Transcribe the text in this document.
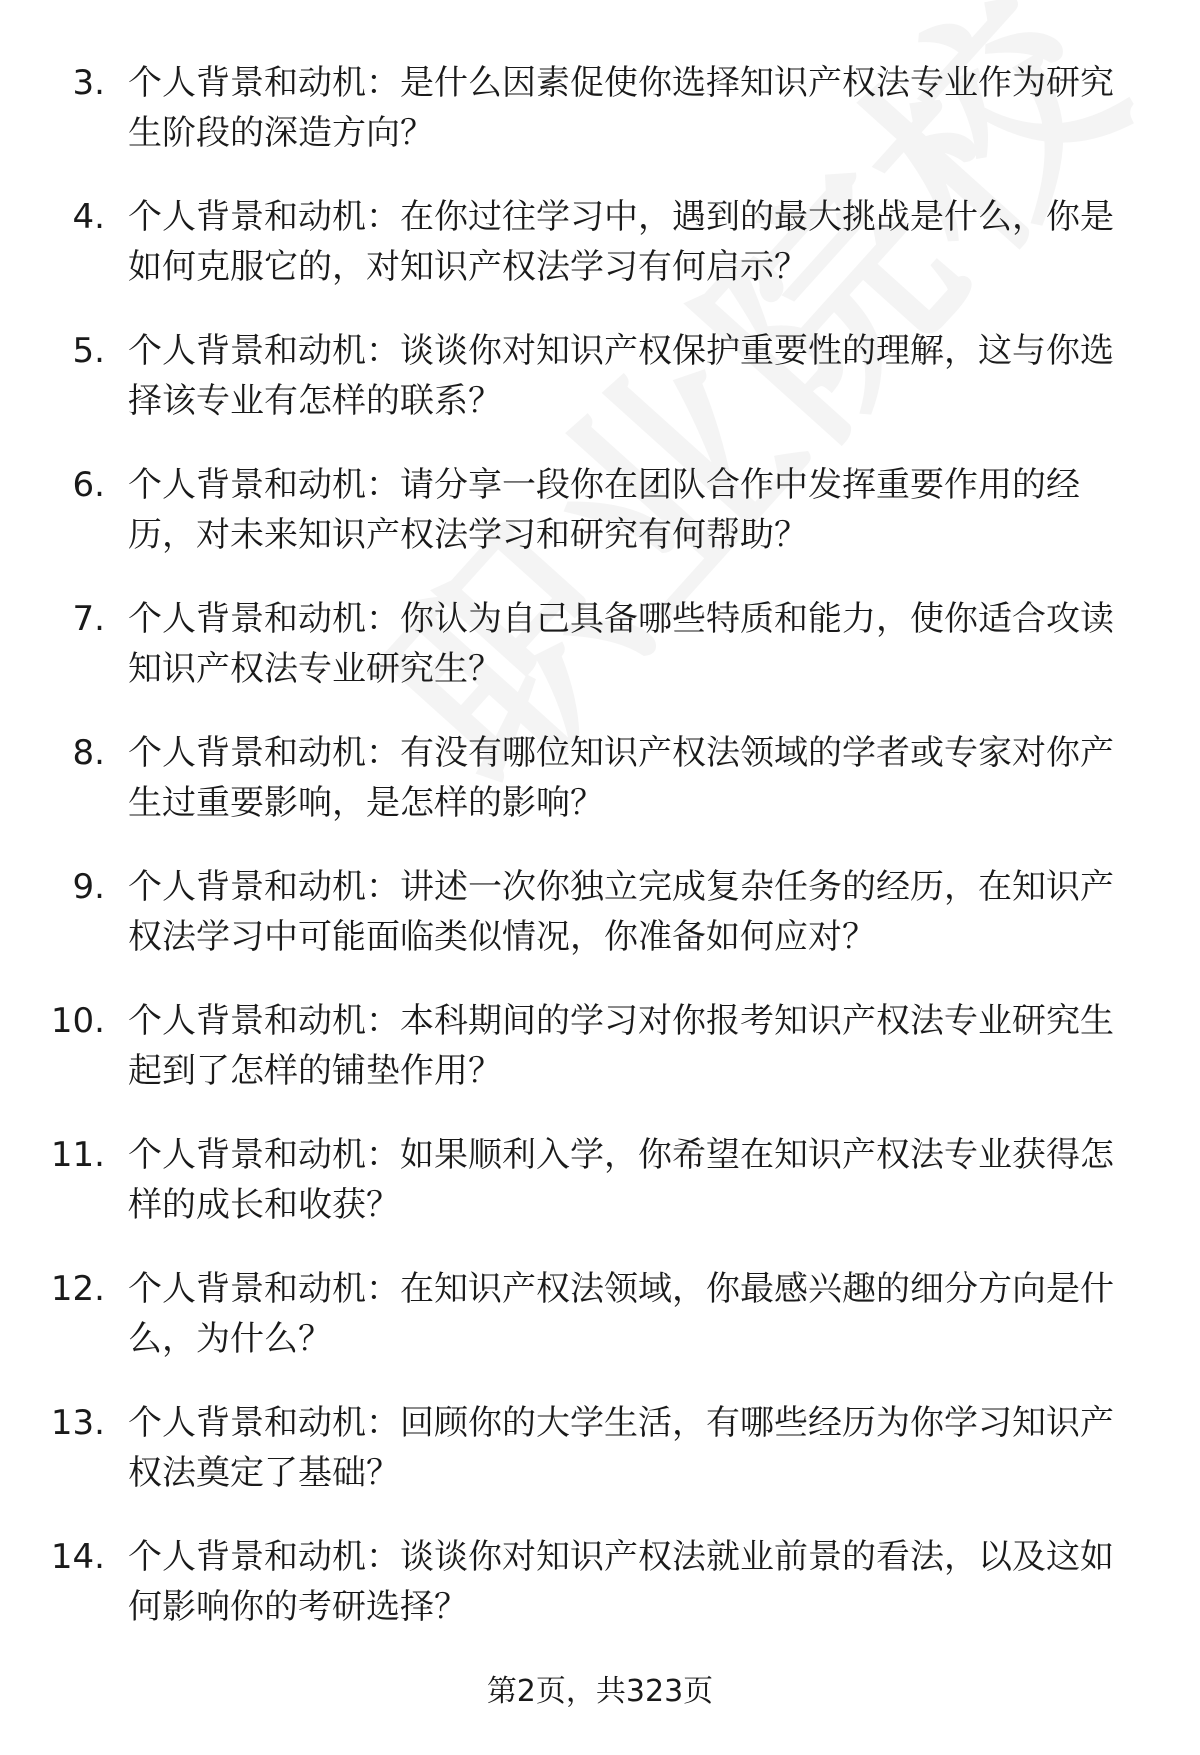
3. 个人背景和动机：是什么因素促使你选择知识产权法专业作为研究生阶段的深造方向？
4. 个人背景和动机：在你过往学习中，遇到的最大挑战是什么，你是如何克服它的，对知识产权法学习有何启示？
5. 个人背景和动机：谈谈你对知识产权保护重要性的理解，这与你选择该专业有怎样的联系？
6. 个人背景和动机：请分享一段你在团队合作中发挥重要作用的经历，对未来知识产权法学习和研究有何帮助？
7. 个人背景和动机：你认为自己具备哪些特质和能力，使你适合攻读知识产权法专业研究生？
8. 个人背景和动机：有没有哪位知识产权法领域的学者或专家对你产生过重要影响，是怎样的影响？
9. 个人背景和动机：讲述一次你独立完成复杂任务的经历，在知识产权法学习中可能面临类似情况，你准备如何应对？
10. 个人背景和动机：本科期间的学习对你报考知识产权法专业研究生起到了怎样的铺垫作用？
11. 个人背景和动机：如果顺利入学，你希望在知识产权法专业获得怎样的成长和收获？
12. 个人背景和动机：在知识产权法领域，你最感兴趣的细分方向是什么，为什么？
13. 个人背景和动机：回顾你的大学生活，有哪些经历为你学习知识产权法奠定了基础？
14. 个人背景和动机：谈谈你对知识产权法就业前景的看法，以及这如何影响你的考研选择？
第2页，共323页
